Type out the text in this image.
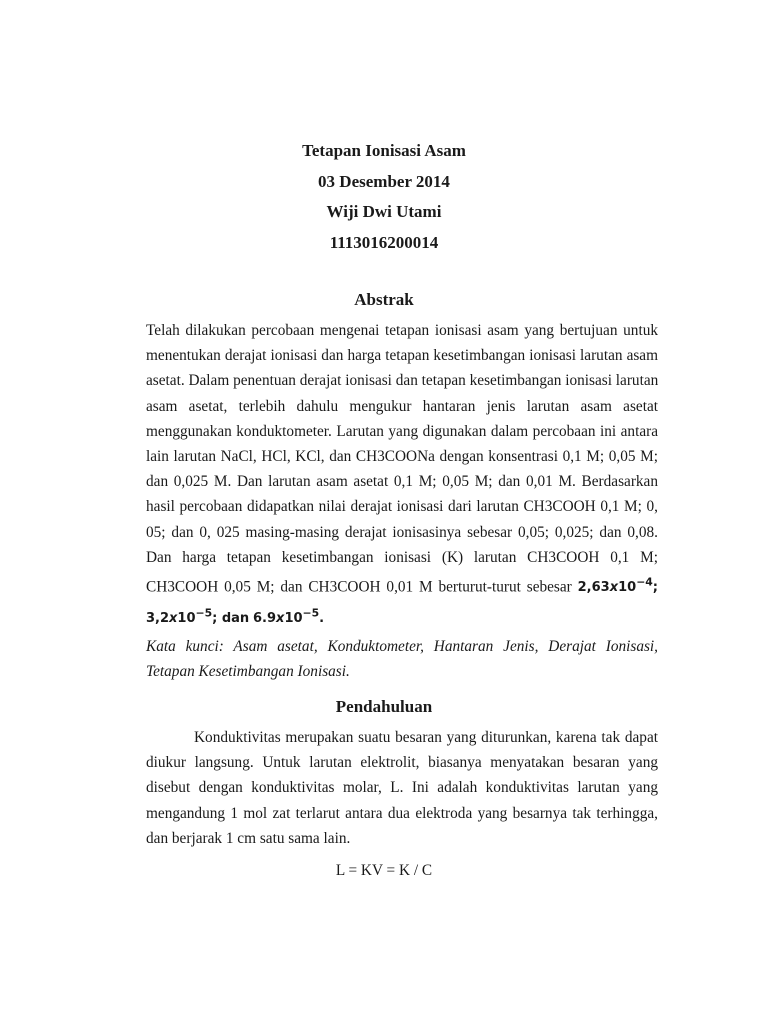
Tetapan Ionisasi Asam
03 Desember 2014
Wiji Dwi Utami
1113016200014
Abstrak
Telah dilakukan percobaan mengenai tetapan ionisasi asam yang bertujuan untuk
menentukan derajat ionisasi dan harga tetapan kesetimbangan ionisasi larutan asam
asetat. Dalam penentuan derajat ionisasi dan tetapan kesetimbangan ionisasi larutan
asam asetat, terlebih dahulu mengukur hantaran jenis larutan asam asetat
menggunakan konduktometer. Larutan yang digunakan dalam percobaan ini antara
lain larutan NaCl, HCl, KCl, dan CH3COONa dengan konsentrasi 0,1 M; 0,05 M;
dan 0,025 M. Dan larutan asam asetat 0,1 M; 0,05 M; dan 0,01 M. Berdasarkan
hasil percobaan didapatkan nilai derajat ionisasi dari larutan CH3COOH 0,1 M; 0,
05; dan 0, 025 masing-masing derajat ionisasinya sebesar 0,05; 0,025; dan 0,08.
Dan harga tetapan kesetimbangan ionisasi (K) larutan CH3COOH 0,1 M;
CH3COOH 0,05 M; dan CH3COOH 0,01 M berturut-turut sebesar $2,63x10^{-4}$;
$3,2x10^{-5}$; dan $6.9x10^{-5}$.
Kata kunci: Asam asetat, Konduktometer, Hantaran Jenis, Derajat Ionisasi,
Tetapan Kesetimbangan Ionisasi.
Pendahuluan
Konduktivitas merupakan suatu besaran yang diturunkan, karena tak dapat
diukur langsung. Untuk larutan elektrolit, biasanya menyatakan besaran yang
disebut dengan konduktivitas molar, L. Ini adalah konduktivitas larutan yang
mengandung 1 mol zat terlarut antara dua elektroda yang besarnya tak terhingga,
dan berjarak 1 cm satu sama lain.
L = KV = K / C
